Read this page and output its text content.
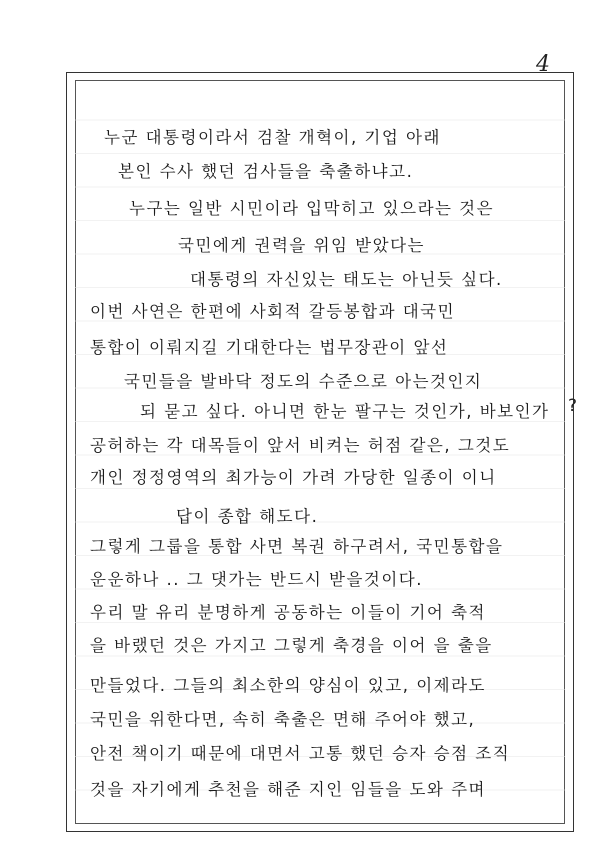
4
누군 대통령이라서 검찰 개혁이, 기업 아래
본인 수사 했던 검사들을 축출하냐고.
누구는 일반 시민이라 입막히고 있으라는 것은
국민에게 권력을 위임 받았다는
대통령의 자신있는 태도는 아닌듯 싶다.
이번 사연은 한편에 사회적 갈등봉합과 대국민
통합이 이뤄지길 기대한다는 법무장관이 앞선
국민들을 발바닥 정도의 수준으로 아는것인지
되 묻고 싶다. 아니면 한눈 팔구는 것인가, 바보인가
공허하는 각 대목들이 앞서 비켜는 허점 같은, 그것도
개인 정정영역의 최가능이 가려 가당한 일종이 이니
답이 종합 해도다.
그렇게 그룹을 통합 사면 복권 하구려서, 국민통합을
운운하나 .. 그 댓가는 반드시 받을것이다.
우리 말 유리 분명하게 공동하는 이들이 기어 축적
을 바랬던 것은 가지고 그렇게 축경을 이어 을 출을
만들었다. 그들의 최소한의 양심이 있고, 이제라도
국민을 위한다면, 속히 축출은 면해 주어야 했고,
안전 책이기 때문에 대면서 고통 했던 승자 승점 조직
것을 자기에게 추천을 해준 지인 임들을 도와 주며
?
